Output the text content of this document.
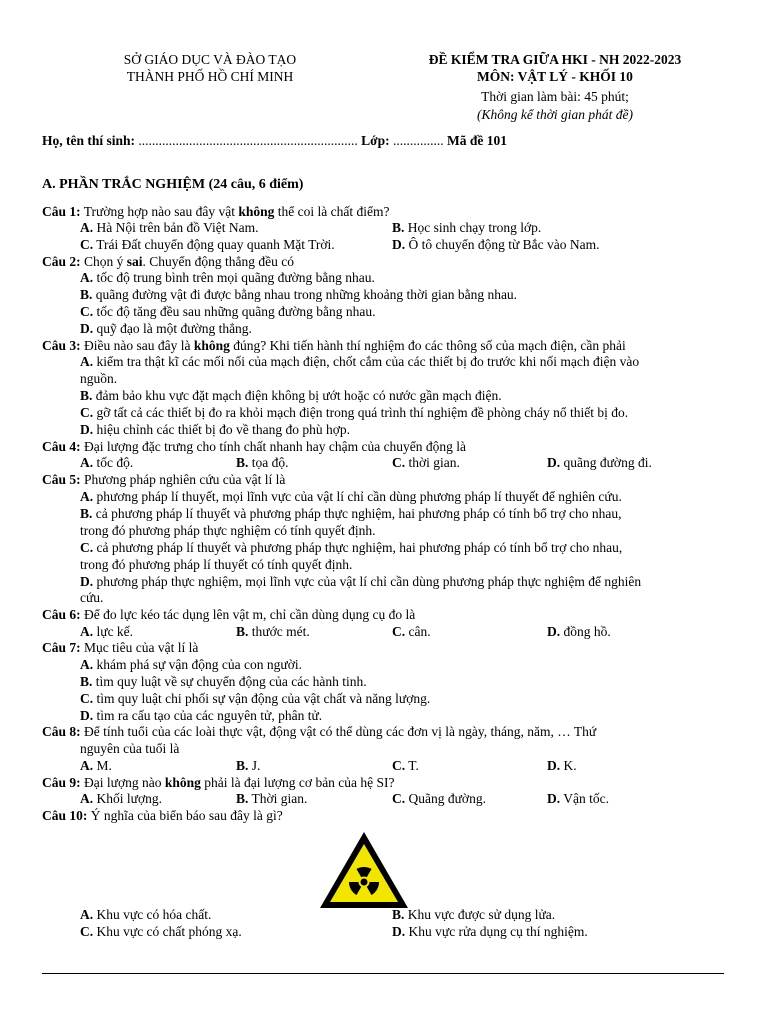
SỞ GIÁO DỤC VÀ ĐÀO TẠO
THÀNH PHỐ HỒ CHÍ MINH
ĐỀ KIỂM TRA GIỮA HKI - NH 2022-2023
MÔN: VẬT LÝ - KHỐI 10
Thời gian làm bài: 45 phút;
(Không kể thời gian phát đề)
Họ, tên thí sinh: ................................................................. Lớp: ............... Mã đề 101
A. PHẦN TRẮC NGHIỆM (24 câu, 6 điểm)
Câu 1: Trường hợp nào sau đây vật không thể coi là chất điểm?
A. Hà Nội trên bản đồ Việt Nam.	B. Học sinh chạy trong lớp.
C. Trái Đất chuyển động quay quanh Mặt Trời.	D. Ô tô chuyển động từ Bắc vào Nam.
Câu 2: Chọn ý sai. Chuyển động thẳng đều có
A. tốc độ trung bình trên mọi quãng đường bằng nhau.
B. quãng đường vật đi được bằng nhau trong những khoảng thời gian bằng nhau.
C. tốc độ tăng đều sau những quãng đường bằng nhau.
D. quỹ đạo là một đường thẳng.
Câu 3: Điều nào sau đây là không đúng? Khi tiến hành thí nghiệm đo các thông số của mạch điện, cần phải
A. kiểm tra thật kĩ các mối nối của mạch điện, chốt cắm của các thiết bị đo trước khi nối mạch điện vào
nguồn.
B. đảm bảo khu vực đặt mạch điện không bị ướt hoặc có nước gần mạch điện.
C. gỡ tất cả các thiết bị đo ra khỏi mạch điện trong quá trình thí nghiệm đề phòng cháy nổ thiết bị đo.
D. hiệu chỉnh các thiết bị đo về thang đo phù hợp.
Câu 4: Đại lượng đặc trưng cho tính chất nhanh hay chậm của chuyển động là
A. tốc độ.	B. tọa độ.	C. thời gian.	D. quãng đường đi.
Câu 5: Phương pháp nghiên cứu của vật lí là
A. phương pháp lí thuyết, mọi lĩnh vực của vật lí chỉ cần dùng phương pháp lí thuyết để nghiên cứu.
B. cả phương pháp lí thuyết và phương pháp thực nghiệm, hai phương pháp có tính bổ trợ cho nhau,
trong đó phương pháp thực nghiệm có tính quyết định.
C. cả phương pháp lí thuyết và phương pháp thực nghiệm, hai phương pháp có tính bổ trợ cho nhau,
trong đó phương pháp lí thuyết có tính quyết định.
D. phương pháp thực nghiệm, mọi lĩnh vực của vật lí chỉ cần dùng phương pháp thực nghiệm để nghiên
cứu.
Câu 6: Để đo lực kéo tác dụng lên vật m, chỉ cần dùng dụng cụ đo là
A. lực kế.	B. thước mét.	C. cân.	D. đồng hồ.
Câu 7: Mục tiêu của vật lí là
A. khám phá sự vận động của con người.
B. tìm quy luật về sự chuyển động của các hành tinh.
C. tìm quy luật chi phối sự vận động của vật chất và năng lượng.
D. tìm ra cấu tạo của các nguyên tử, phân tử.
Câu 8: Để tính tuổi của các loài thực vật, động vật có thể dùng các đơn vị là ngày, tháng, năm, … Thứ
nguyên của tuổi là
A. M.	B. J.	C. T.	D. K.
Câu 9: Đại lượng nào không phải là đại lượng cơ bản của hệ SI?
A. Khối lượng.	B. Thời gian.	C. Quãng đường.	D. Vận tốc.
Câu 10: Ý nghĩa của biển báo sau đây là gì?
A. Khu vực có hóa chất.	B. Khu vực được sử dụng lửa.
C. Khu vực có chất phóng xạ.	D. Khu vực rửa dụng cụ thí nghiệm.
